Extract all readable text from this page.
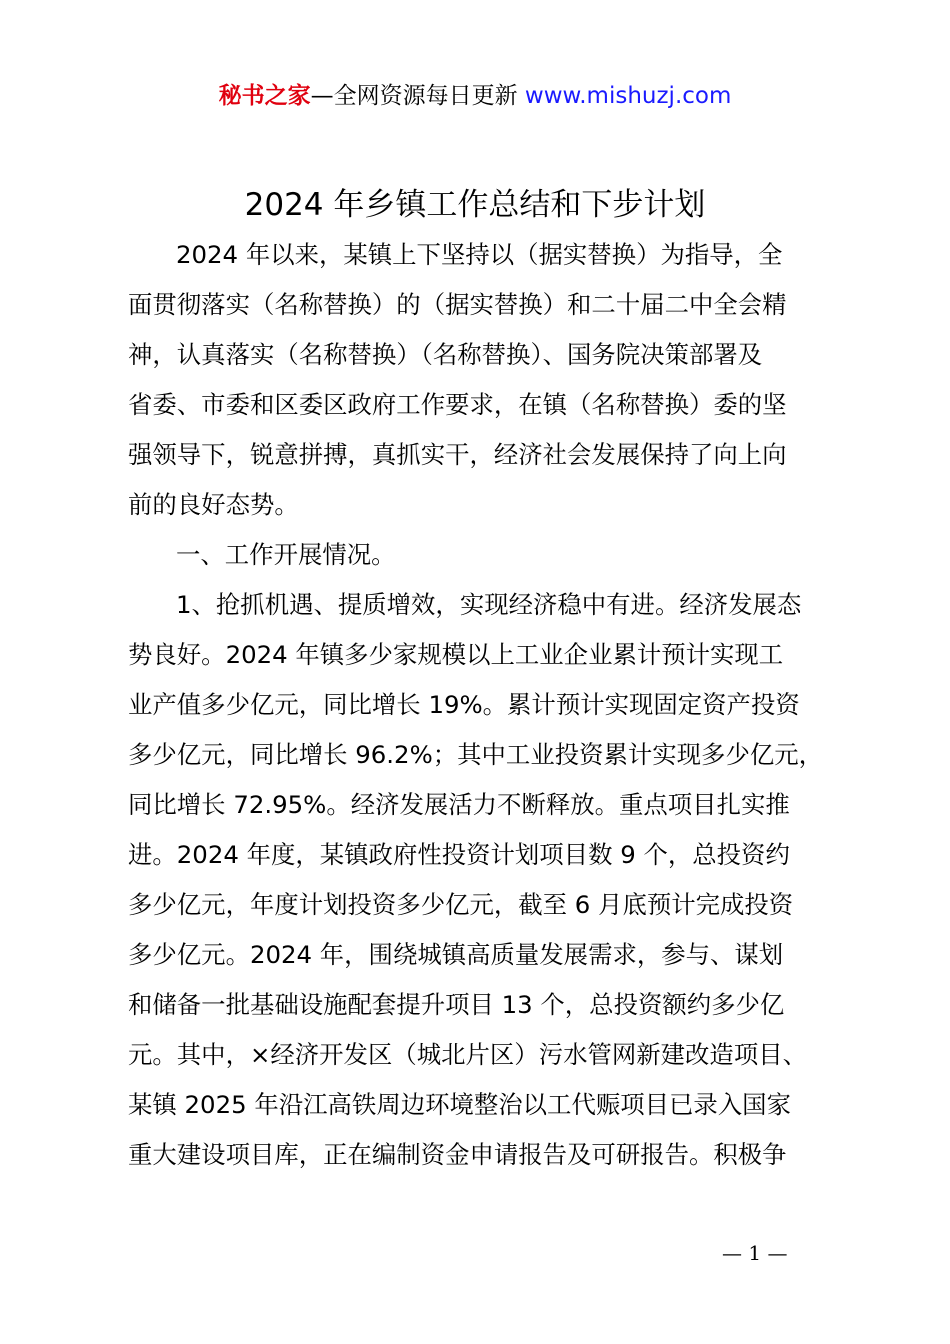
秘书之家—全网资源每日更新 www.mishuzj.com
2024 年乡镇工作总结和下步计划
2024 年以来，某镇上下坚持以（据实替换）为指导，全
面贯彻落实（名称替换）的（据实替换）和二十届二中全会精
神，认真落实（名称替换）（名称替换）、国务院决策部署及
省委、市委和区委区政府工作要求，在镇（名称替换）委的坚
强领导下，锐意拼搏，真抓实干，经济社会发展保持了向上向
前的良好态势。
一、工作开展情况。
1、抢抓机遇、提质增效，实现经济稳中有进。经济发展态
势良好。2024 年镇多少家规模以上工业企业累计预计实现工
业产值多少亿元，同比增长 19%。累计预计实现固定资产投资
多少亿元，同比增长 96.2%；其中工业投资累计实现多少亿元，
同比增长 72.95%。经济发展活力不断释放。重点项目扎实推
进。2024 年度，某镇政府性投资计划项目数 9 个，总投资约
多少亿元，年度计划投资多少亿元，截至 6 月底预计完成投资
多少亿元。2024 年，围绕城镇高质量发展需求，参与、谋划
和储备一批基础设施配套提升项目 13 个，总投资额约多少亿
元。其中，×经济开发区（城北片区）污水管网新建改造项目、
某镇 2025 年沿江高铁周边环境整治以工代赈项目已录入国家
重大建设项目库，正在编制资金申请报告及可研报告。积极争
— 1 —
